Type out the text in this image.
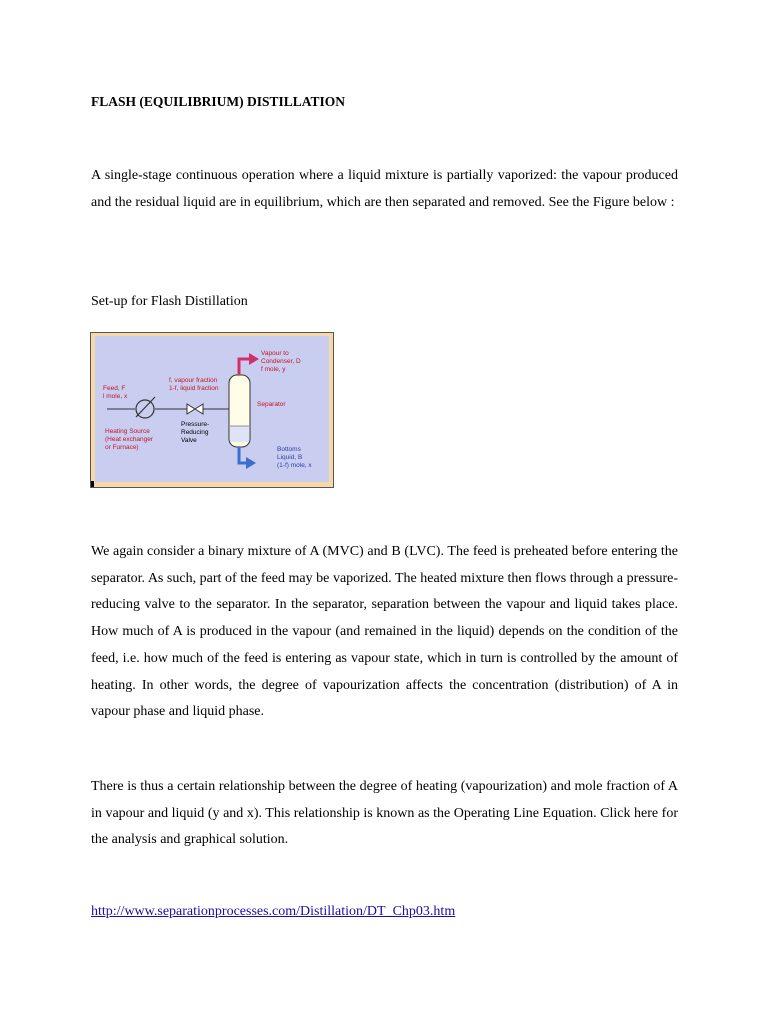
FLASH (EQUILIBRIUM) DISTILLATION
A single-stage continuous operation where a liquid mixture is partially vaporized: the vapour produced and the residual liquid are in equilibrium, which are then separated and removed. See the Figure below :
Set-up for Flash Distillation
Feed, F
l mole, x
Heating Source
(Heat exchanger
or Furnace)
f, vapour fraction
1-f, liquid fraction
Pressure-
Reducing
Valve
Separator
Vapour to
Condenser, D
f mole, y
Bottoms
Liquid, B
(1-f) mole, x
We again consider a binary mixture of A (MVC) and B (LVC). The feed is preheated before entering the separator. As such, part of the feed may be vaporized. The heated mixture then flows through a pressure-reducing valve to the separator. In the separator, separation between the vapour and liquid takes place. How much of A is produced in the vapour (and remained in the liquid) depends on the condition of the feed, i.e. how much of the feed is entering as vapour state, which in turn is controlled by the amount of heating. In other words, the degree of vapourization affects the concentration (distribution) of A in vapour phase and liquid phase.
There is thus a certain relationship between the degree of heating (vapourization) and mole fraction of A in vapour and liquid (y and x). This relationship is known as the Operating Line Equation. Click here for the analysis and graphical solution.
http://www.separationprocesses.com/Distillation/DT_Chp03.htm
